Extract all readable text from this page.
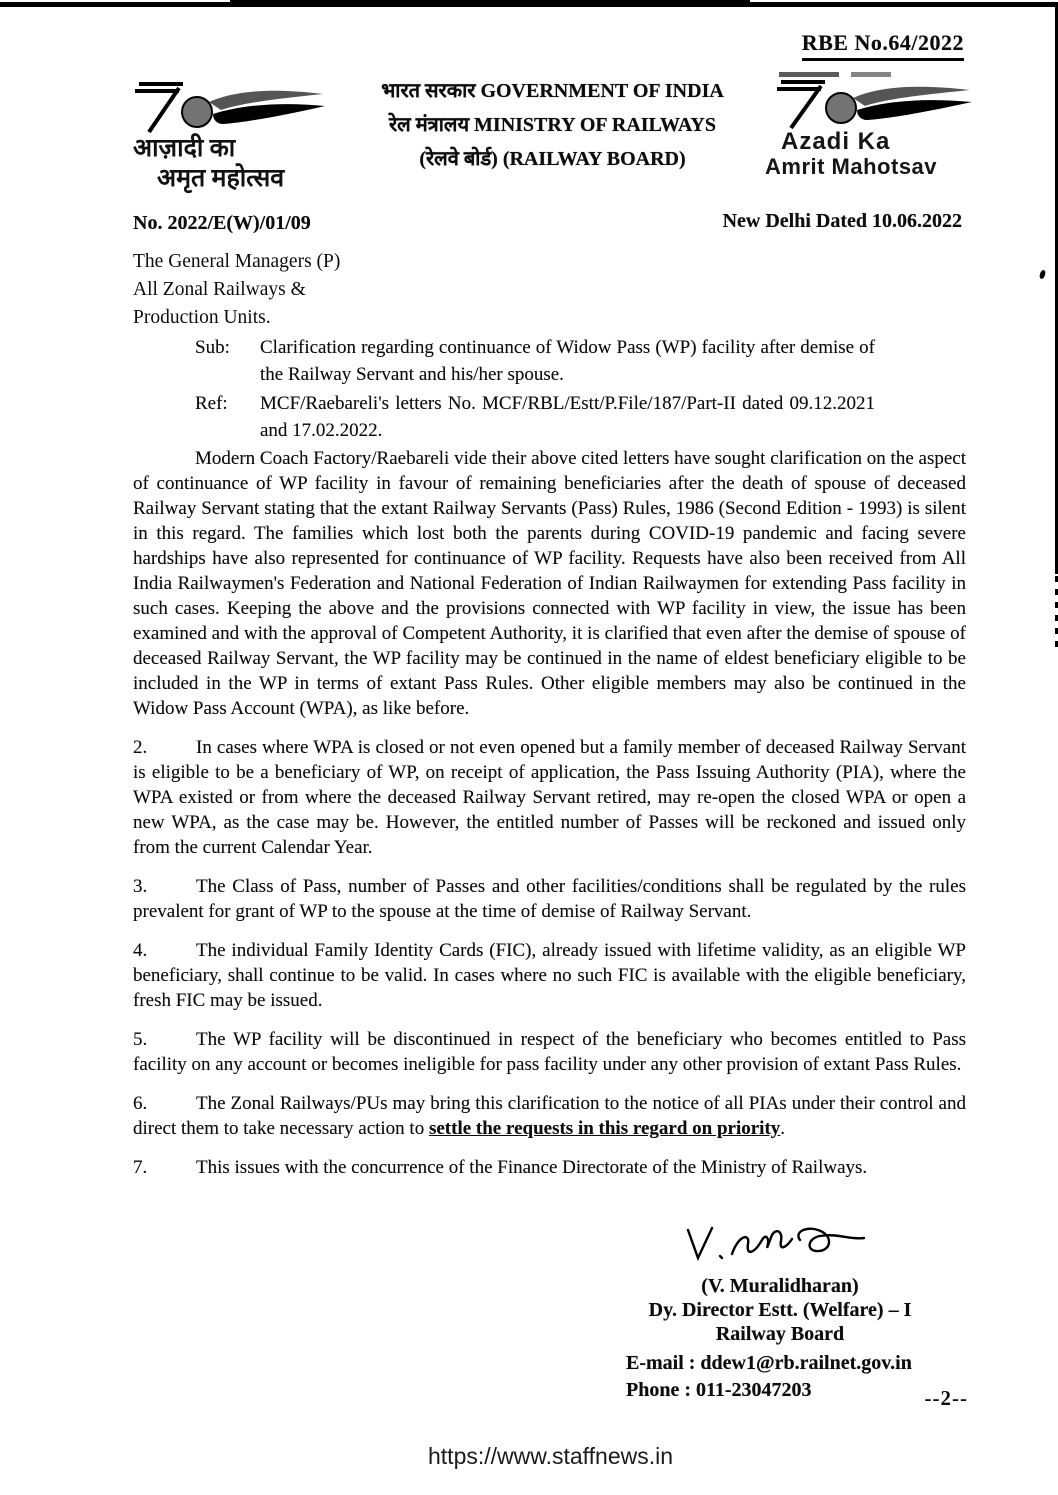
RBE No.64/2022
आज़ादी का
अमृत महोत्सव
भारत सरकार GOVERNMENT OF INDIA
रेल मंत्रालय MINISTRY OF RAILWAYS
(रेलवे बोर्ड) (RAILWAY BOARD)
Azadi Ka
Amrit Mahotsav
No. 2022/E(W)/01/09	New Delhi Dated 10.06.2022
The General Managers (P)
All Zonal Railways &
Production Units.
Sub:	Clarification regarding continuance of Widow Pass (WP) facility after demise of the Railway Servant and his/her spouse.
Ref:	MCF/Raebareli's letters No. MCF/RBL/Estt/P.File/187/Part-II dated 09.12.2021 and 17.02.2022.

Modern Coach Factory/Raebareli vide their above cited letters have sought clarification on the aspect of continuance of WP facility in favour of remaining beneficiaries after the death of spouse of deceased Railway Servant stating that the extant Railway Servants (Pass) Rules, 1986 (Second Edition - 1993) is silent in this regard. The families which lost both the parents during COVID-19 pandemic and facing severe hardships have also represented for continuance of WP facility. Requests have also been received from All India Railwaymen's Federation and National Federation of Indian Railwaymen for extending Pass facility in such cases. Keeping the above and the provisions connected with WP facility in view, the issue has been examined and with the approval of Competent Authority, it is clarified that even after the demise of spouse of deceased Railway Servant, the WP facility may be continued in the name of eldest beneficiary eligible to be included in the WP in terms of extant Pass Rules. Other eligible members may also be continued in the Widow Pass Account (WPA), as like before.

2.	In cases where WPA is closed or not even opened but a family member of deceased Railway Servant is eligible to be a beneficiary of WP, on receipt of application, the Pass Issuing Authority (PIA), where the WPA existed or from where the deceased Railway Servant retired, may re-open the closed WPA or open a new WPA, as the case may be. However, the entitled number of Passes will be reckoned and issued only from the current Calendar Year.

3.	The Class of Pass, number of Passes and other facilities/conditions shall be regulated by the rules prevalent for grant of WP to the spouse at the time of demise of Railway Servant.

4.	The individual Family Identity Cards (FIC), already issued with lifetime validity, as an eligible WP beneficiary, shall continue to be valid. In cases where no such FIC is available with the eligible beneficiary, fresh FIC may be issued.

5.	The WP facility will be discontinued in respect of the beneficiary who becomes entitled to Pass facility on any account or becomes ineligible for pass facility under any other provision of extant Pass Rules.

6.	The Zonal Railways/PUs may bring this clarification to the notice of all PIAs under their control and direct them to take necessary action to settle the requests in this regard on priority.

7.	This issues with the concurrence of the Finance Directorate of the Ministry of Railways.

(V. Muralidharan)
Dy. Director Estt. (Welfare) – I
Railway Board
E-mail : ddew1@rb.railnet.gov.in
Phone : 011-23047203	--2--
https://www.staffnews.in
